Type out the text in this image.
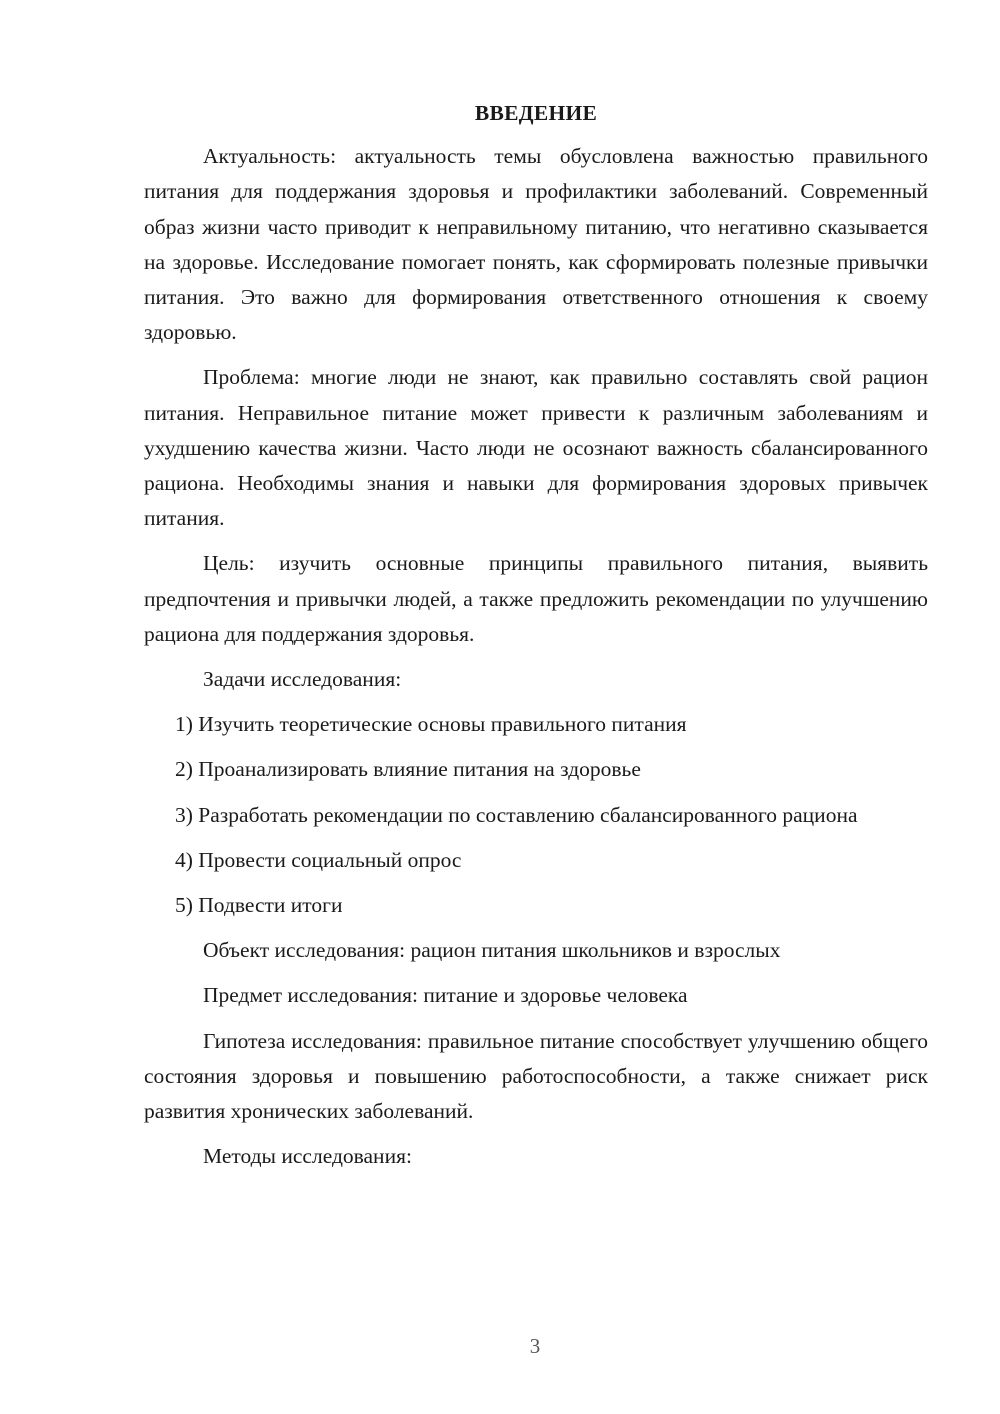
ВВЕДЕНИЕ

Актуальность: актуальность темы обусловлена важностью правильного питания для поддержания здоровья и профилактики заболеваний. Современный образ жизни часто приводит к неправильному питанию, что негативно сказывается на здоровье. Исследование помогает понять, как сформировать полезные привычки питания. Это важно для формирования ответственного отношения к своему здоровью.

Проблема: многие люди не знают, как правильно составлять свой рацион питания. Неправильное питание может привести к различным заболеваниям и ухудшению качества жизни. Часто люди не осознают важность сбалансированного рациона. Необходимы знания и навыки для формирования здоровых привычек питания.

Цель: изучить основные принципы правильного питания, выявить предпочтения и привычки людей, а также предложить рекомендации по улучшению рациона для поддержания здоровья.

Задачи исследования:

1) Изучить теоретические основы правильного питания

2) Проанализировать влияние питания на здоровье

3) Разработать рекомендации по составлению сбалансированного рациона

4) Провести социальный опрос

5) Подвести итоги

Объект исследования: рацион питания школьников и взрослых

Предмет исследования: питание и здоровье человека

Гипотеза исследования: правильное питание способствует улучшению общего состояния здоровья и повышению работоспособности, а также снижает риск развития хронических заболеваний.

Методы исследования:

3
